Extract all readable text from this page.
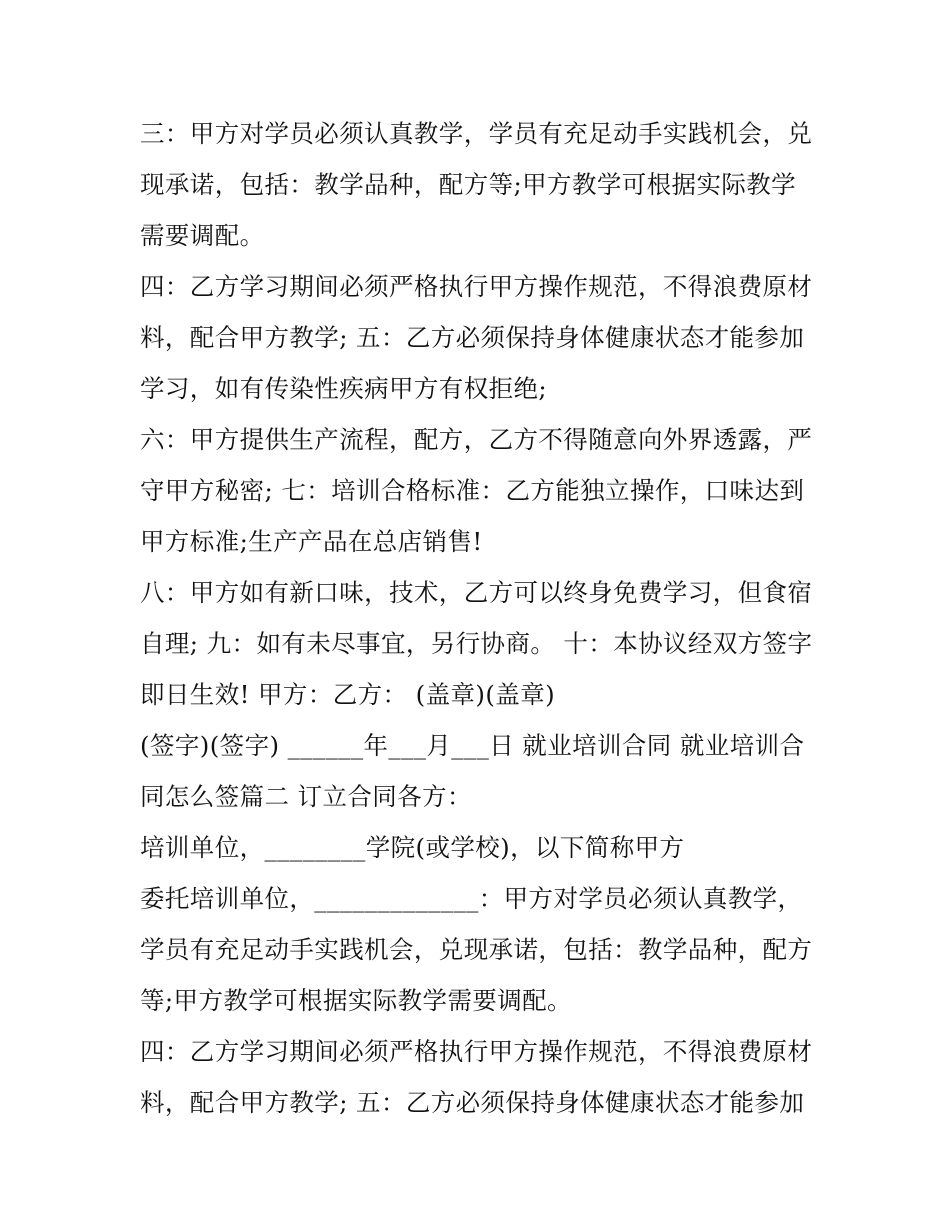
三：甲方对学员必须认真教学，学员有充足动手实践机会，兑
现承诺，包括：教学品种，配方等;甲方教学可根据实际教学
需要调配。
四：乙方学习期间必须严格执行甲方操作规范，不得浪费原材
料，配合甲方教学; 五：乙方必须保持身体健康状态才能参加
学习，如有传染性疾病甲方有权拒绝;
六：甲方提供生产流程，配方，乙方不得随意向外界透露，严
守甲方秘密; 七：培训合格标准：乙方能独立操作，口味达到
甲方标准;生产产品在总店销售!
八：甲方如有新口味，技术，乙方可以终身免费学习，但食宿
自理; 九：如有未尽事宜，另行协商。 十：本协议经双方签字
即日生效! 甲方：乙方： (盖章)(盖章)
(签字)(签字) ______年___月___日 就业培训合同 就业培训合
同怎么签篇二 订立合同各方：
培训单位，________学院(或学校)，以下简称甲方
委托培训单位，_____________：甲方对学员必须认真教学，
学员有充足动手实践机会，兑现承诺，包括：教学品种，配方
等;甲方教学可根据实际教学需要调配。
四：乙方学习期间必须严格执行甲方操作规范，不得浪费原材
料，配合甲方教学; 五：乙方必须保持身体健康状态才能参加
